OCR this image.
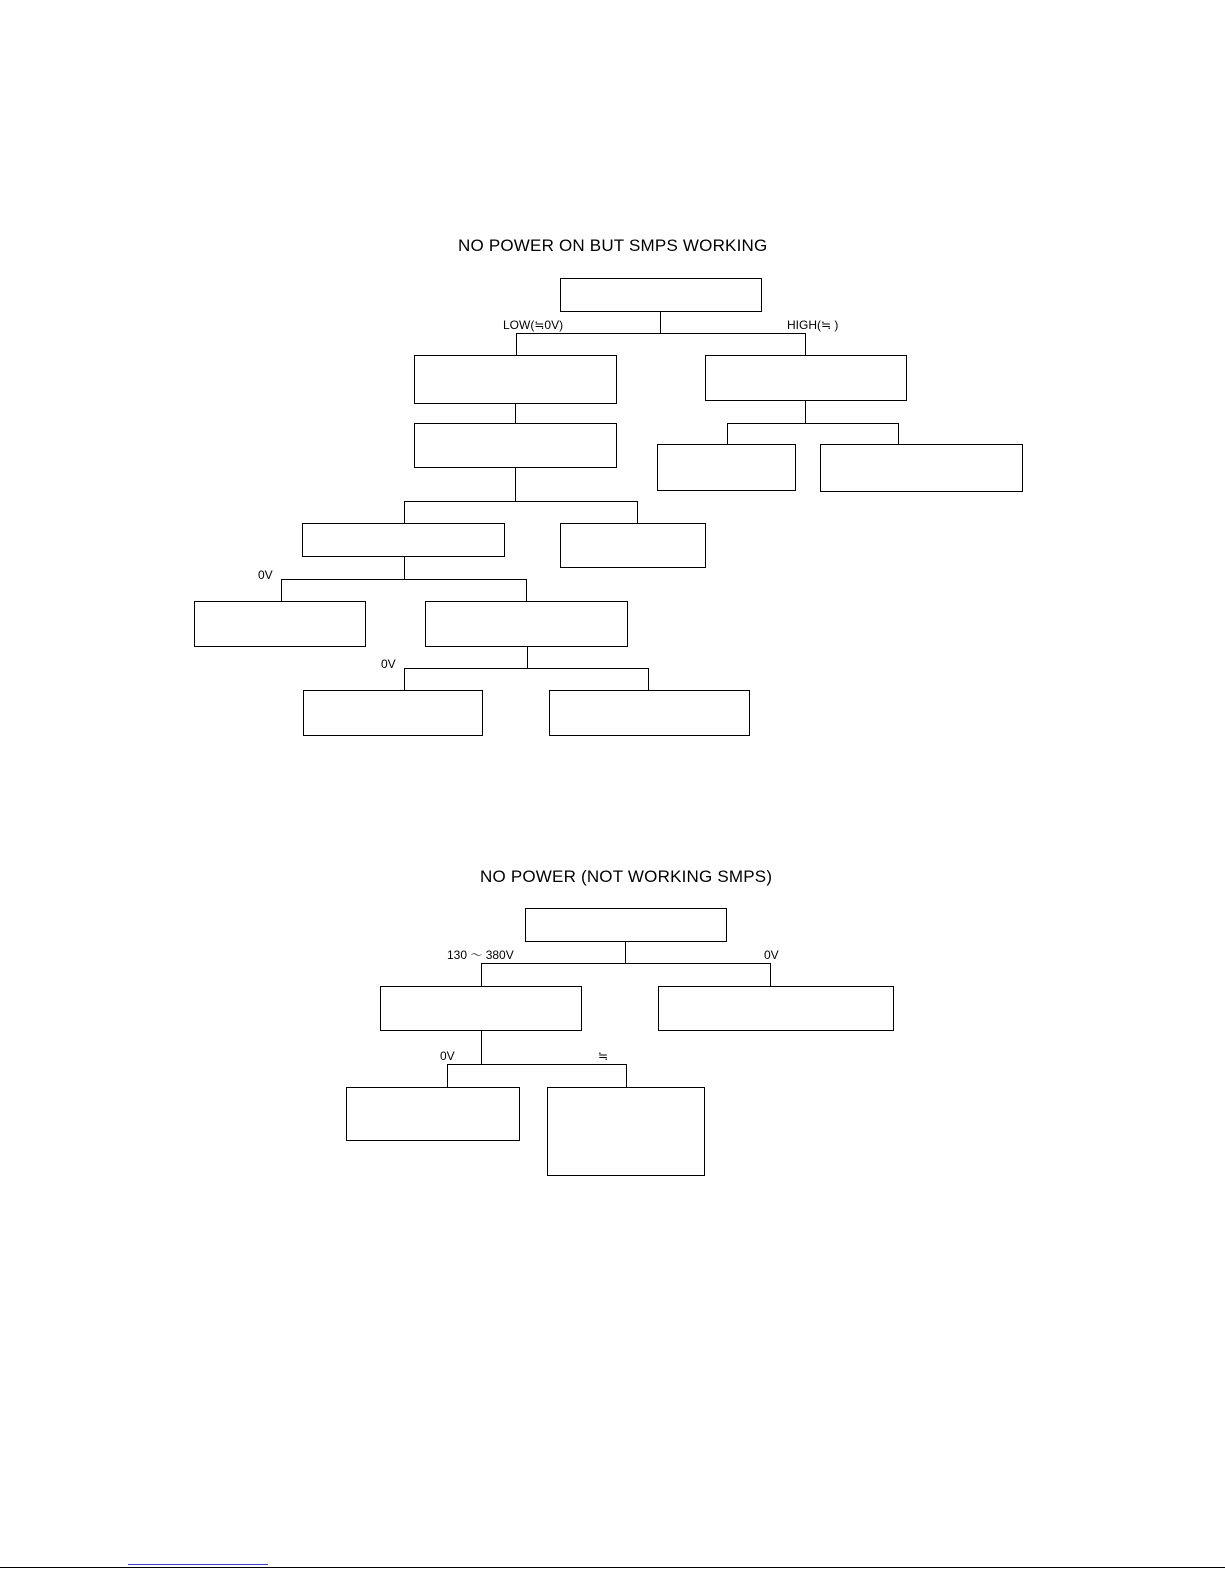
NO POWER ON BUT SMPS WORKING
LOW(≒0V)	HIGH(≒ )
0V
0V
NO POWER (NOT WORKING SMPS)
130 ～ 380V	0V
0V	≒
